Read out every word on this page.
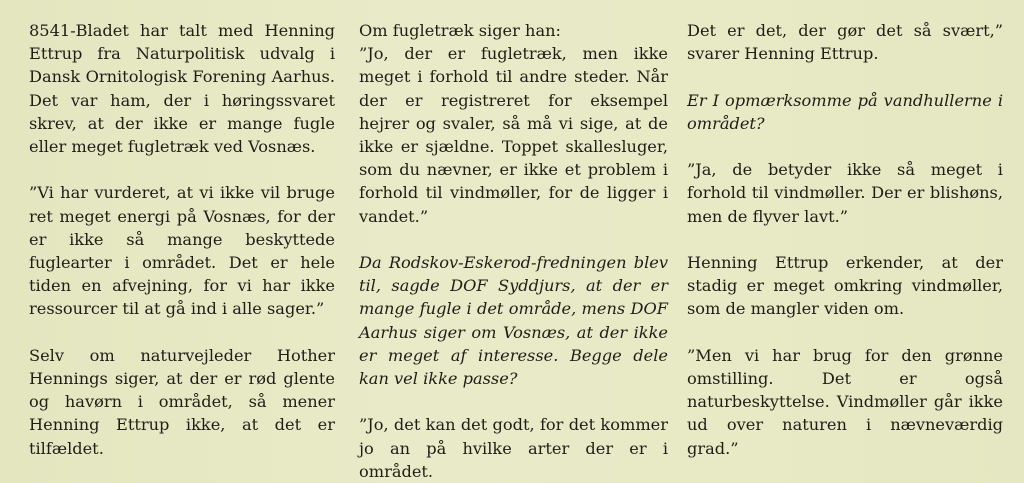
8541-Bladet har talt med Henning Ettrup fra Naturpolitisk udvalg i Dansk Ornitologisk Forening Aarhus. Det var ham, der i høringssvaret skrev, at der ikke er mange fugle eller meget fugletræk ved Vosnæs.

”Vi har vurderet, at vi ikke vil bruge ret meget energi på Vosnæs, for der er ikke så mange beskyttede fuglearter i området. Det er hele tiden en afvejning, for vi har ikke ressourcer til at gå ind i alle sager.”

Selv om naturvejleder Hother Hennings siger, at der er rød glente og havørn i området, så mener Henning Ettrup ikke, at det er tilfældet.

Om fugletræk siger han:
”Jo, der er fugletræk, men ikke meget i forhold til andre steder. Når der er registreret for eksempel hejrer og svaler, så må vi sige, at de ikke er sjældne. Toppet skallesluger, som du nævner, er ikke et problem i forhold til vindmøller, for de ligger i vandet.”

Da Rodskov-Eskerod-fredningen blev til, sagde DOF Syddjurs, at der er mange fugle i det område, mens DOF Aarhus siger om Vosnæs, at der ikke er meget af interesse. Begge dele kan vel ikke passe?

”Jo, det kan det godt, for det kommer jo an på hvilke arter der er i området.

Det er det, der gør det så svært,” svarer Henning Ettrup.

Er I opmærksomme på vandhullerne i området?

”Ja, de betyder ikke så meget i forhold til vindmøller. Der er blishøns, men de flyver lavt.”

Henning Ettrup erkender, at der stadig er meget omkring vindmøller, som de mangler viden om.

”Men vi har brug for den grønne omstilling. Det er også naturbeskyttelse. Vindmøller går ikke ud over naturen i nævneværdig grad.”
